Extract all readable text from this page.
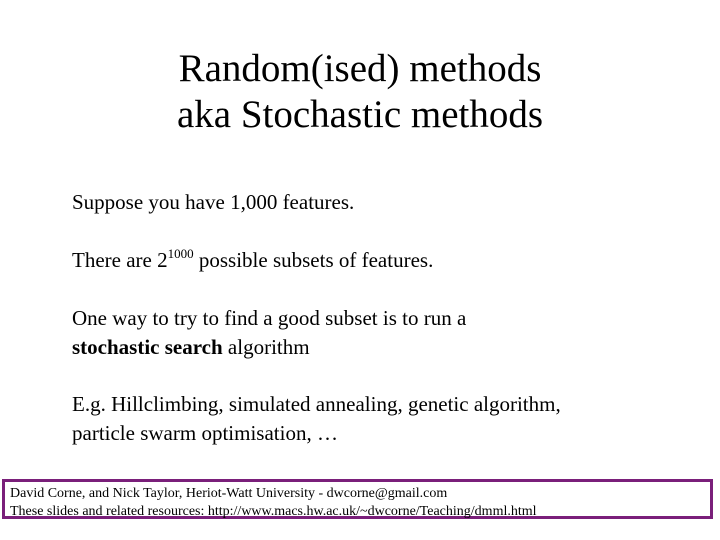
Random(ised) methods
aka Stochastic methods
Suppose you have 1,000 features.
There are $2^{1000}$ possible subsets of features.
One way to try to find a good subset is to run a
stochastic search algorithm
E.g. Hillclimbing, simulated annealing, genetic algorithm,
particle swarm optimisation, …
David Corne, and Nick Taylor, Heriot-Watt University - dwcorne@gmail.com
These slides and related resources: http://www.macs.hw.ac.uk/~dwcorne/Teaching/dmml.html
